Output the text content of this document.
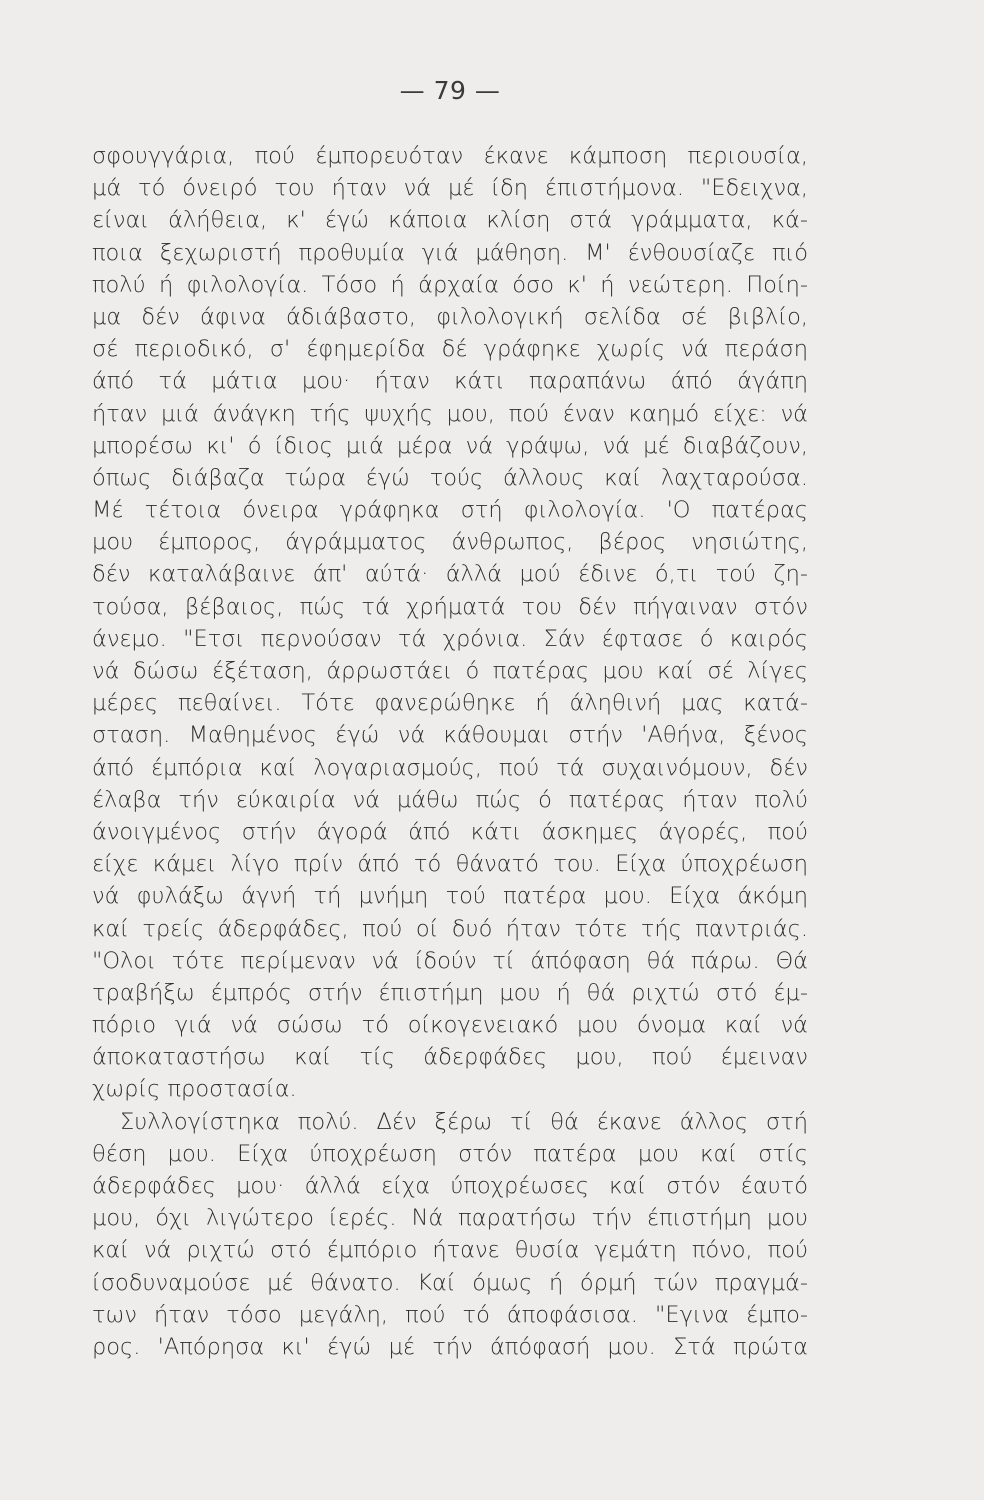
— 79 —
σφουγγάρια, πού έμπορευόταν έκανε κάμποση περιουσία,
μά τό όνειρό του ήταν νά μέ ίδη έπιστήμονα. "Εδειχνα,
είναι άλήθεια, κ' έγώ κάποια κλίση στά γράμματα, κά-
ποια ξεχωριστή προθυμία γιά μάθηση. Μ' ένθουσίαζε πιό
πολύ ή φιλολογία. Τόσο ή άρχαία όσο κ' ή νεώτερη. Ποίη-
μα δέν άφινα άδιάβαστο, φιλολογική σελίδα σέ βιβλίο,
σέ περιοδικό, σ' έφημερίδα δέ γράφηκε χωρίς νά περάση
άπό τά μάτια μου· ήταν κάτι παραπάνω άπό άγάπη
ήταν μιά άνάγκη τής ψυχής μου, πού έναν καημό είχε: νά
μπορέσω κι' ό ίδιος μιά μέρα νά γράψω, νά μέ διαβάζουν,
όπως διάβαζα τώρα έγώ τούς άλλους καί λαχταρούσα.
Μέ τέτοια όνειρα γράφηκα στή φιλολογία. 'Ο πατέρας
μου έμπορος, άγράμματος άνθρωπος, βέρος νησιώτης,
δέν καταλάβαινε άπ' αύτά· άλλά μού έδινε ό,τι τού ζη-
τούσα, βέβαιος, πώς τά χρήματά του δέν πήγαιναν στόν
άνεμο. "Ετσι περνούσαν τά χρόνια. Σάν έφτασε ό καιρός
νά δώσω έξέταση, άρρωστάει ό πατέρας μου καί σέ λίγες
μέρες πεθαίνει. Τότε φανερώθηκε ή άληθινή μας κατά-
σταση. Μαθημένος έγώ νά κάθουμαι στήν 'Αθήνα, ξένος
άπό έμπόρια καί λογαριασμούς, πού τά συχαινόμουν, δέν
έλαβα τήν εύκαιρία νά μάθω πώς ό πατέρας ήταν πολύ
άνοιγμένος στήν άγορά άπό κάτι άσκημες άγορές, πού
είχε κάμει λίγο πρίν άπό τό θάνατό του. Είχα ύποχρέωση
νά φυλάξω άγνή τή μνήμη τού πατέρα μου. Είχα άκόμη
καί τρείς άδερφάδες, πού οί δυό ήταν τότε τής παντριάς.
"Ολοι τότε περίμεναν νά ίδούν τί άπόφαση θά πάρω. Θά
τραβήξω έμπρός στήν έπιστήμη μου ή θά ριχτώ στό έμ-
πόριο γιά νά σώσω τό οίκογενειακό μου όνομα καί νά
άποκαταστήσω καί τίς άδερφάδες μου, πού έμειναν
χωρίς προστασία.
Συλλογίστηκα πολύ. Δέν ξέρω τί θά έκανε άλλος στή
θέση μου. Είχα ύποχρέωση στόν πατέρα μου καί στίς
άδερφάδες μου· άλλά είχα ύποχρέωσες καί στόν έαυτό
μου, όχι λιγώτερο ίερές. Νά παρατήσω τήν έπιστήμη μου
καί νά ριχτώ στό έμπόριο ήτανε θυσία γεμάτη πόνο, πού
ίσοδυναμούσε μέ θάνατο. Καί όμως ή όρμή τών πραγμά-
των ήταν τόσο μεγάλη, πού τό άποφάσισα. "Εγινα έμπο-
ρος. 'Απόρησα κι' έγώ μέ τήν άπόφασή μου. Στά πρώτα
